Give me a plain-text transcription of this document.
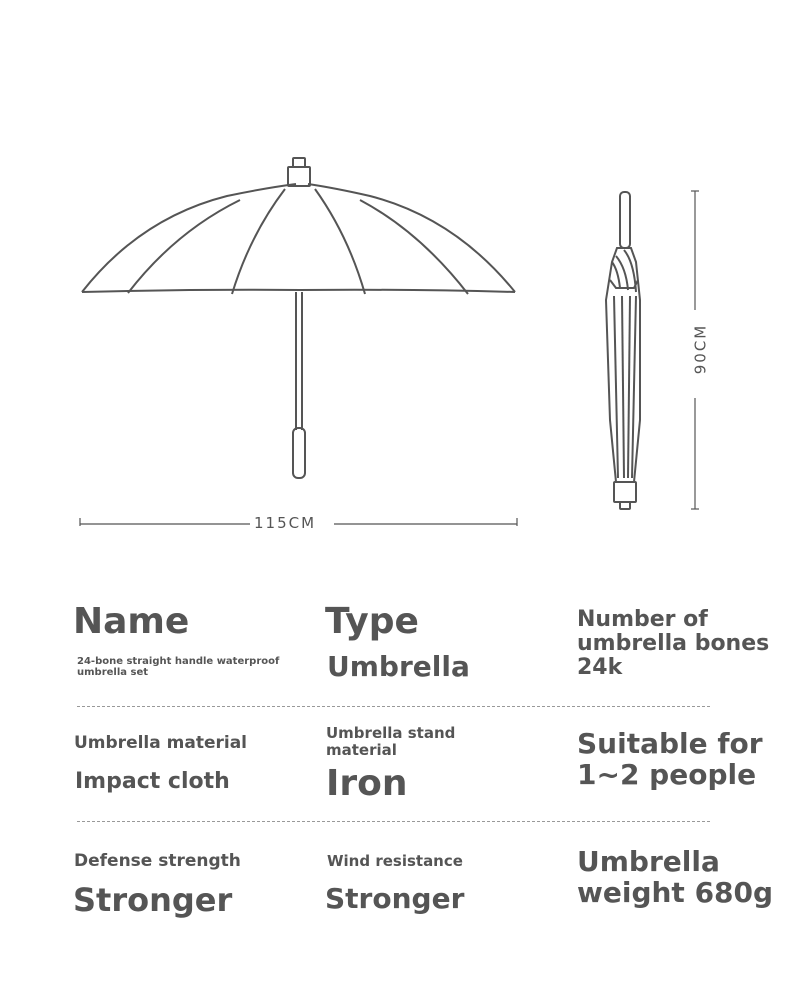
115CM
90CM
Name
24-bone straight handle waterproof umbrella set
Type
Umbrella
Number of umbrella bones 24k
Umbrella material
Impact cloth
Umbrella stand material
Iron
Suitable for 1~2 people
Defense strength
Stronger
Wind resistance
Stronger
Umbrella weight 680g
